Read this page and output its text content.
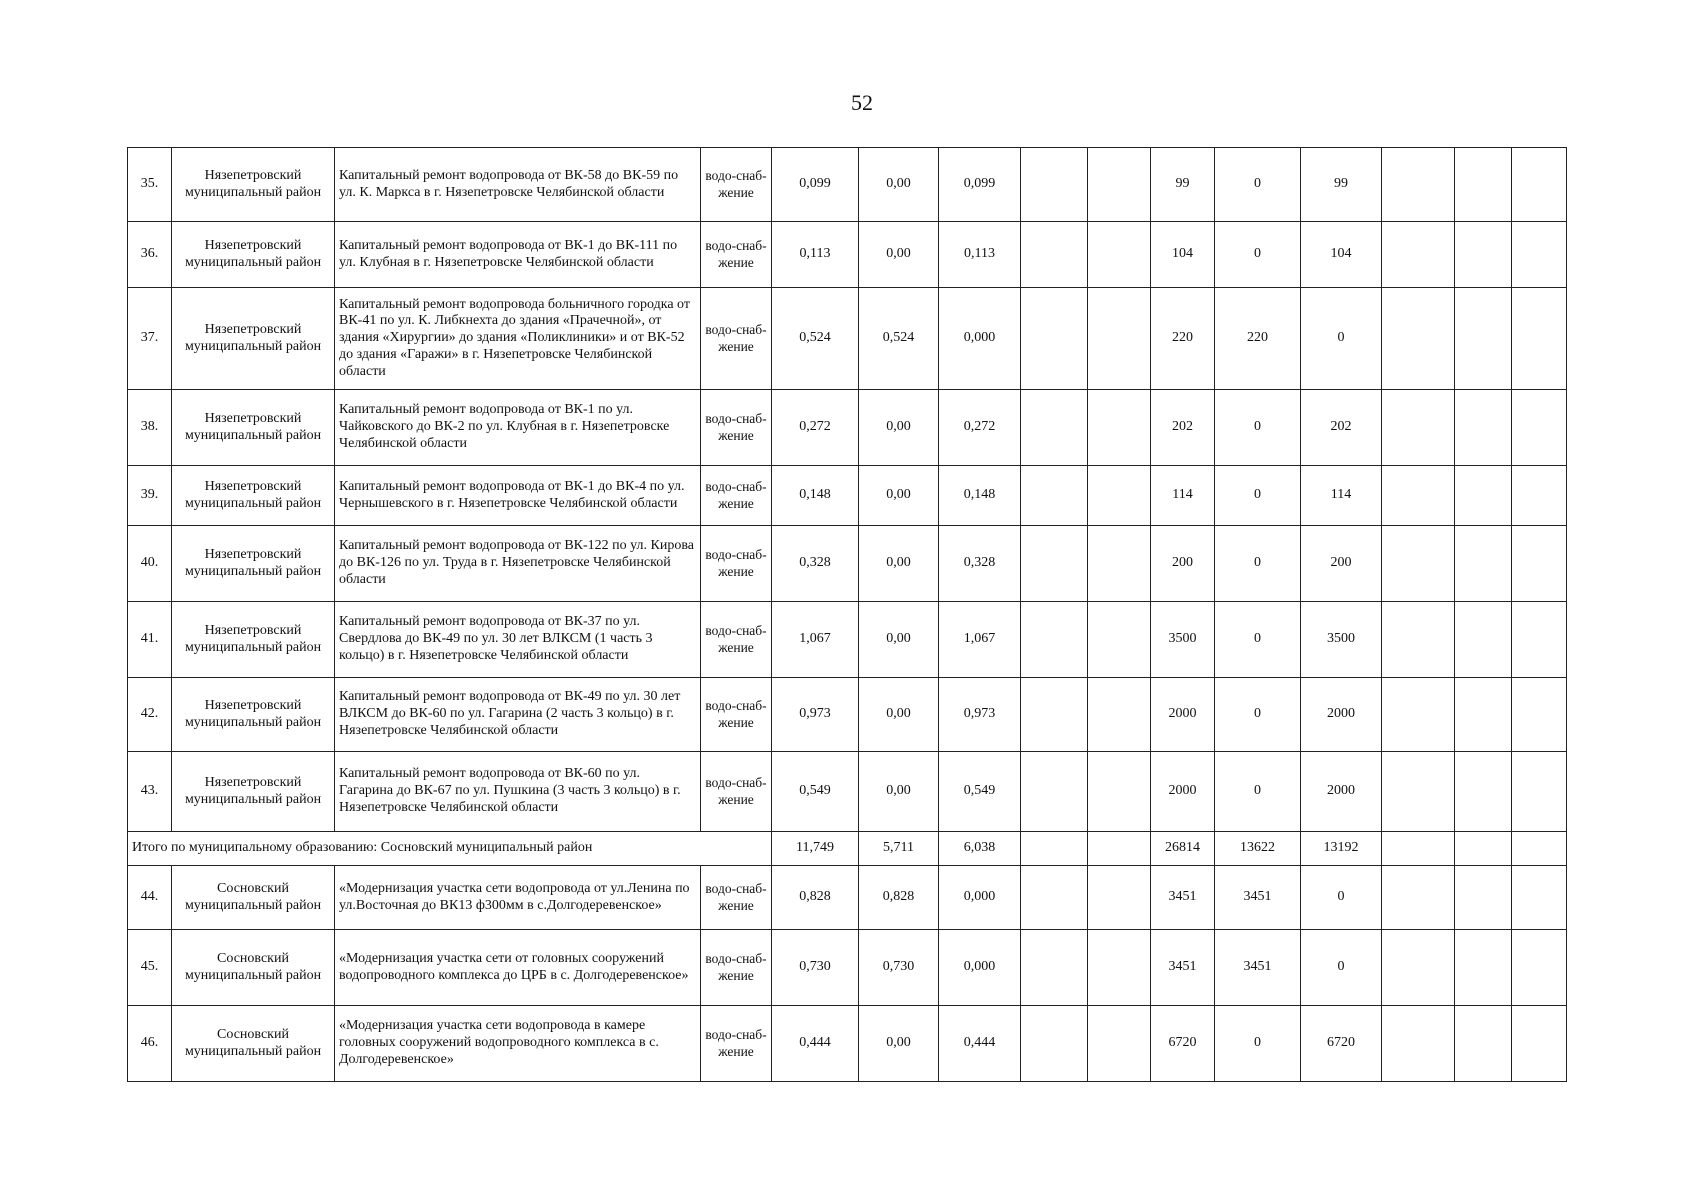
52
35.	Нязепетровский муниципальный район	Капитальный ремонт водопровода от ВК-58 до ВК-59 по ул. К. Маркса в г. Нязепетровске Челябинской области	водо-снаб-жение	0,099	0,00	0,099			99	0	99			
36.	Нязепетровский муниципальный район	Капитальный ремонт водопровода от ВК-1 до ВК-111 по ул. Клубная в г. Нязепетровске Челябинской области	водо-снаб-жение	0,113	0,00	0,113			104	0	104			
37.	Нязепетровский муниципальный район	Капитальный ремонт водопровода больничного городка от ВК-41 по ул. К. Либкнехта до здания «Прачечной», от здания «Хирургии» до здания «Поликлиники» и от ВК-52 до здания «Гаражи» в г. Нязепетровске Челябинской области	водо-снаб-жение	0,524	0,524	0,000			220	220	0			
38.	Нязепетровский муниципальный район	Капитальный ремонт водопровода от ВК-1 по ул. Чайковского до ВК-2 по ул. Клубная в г. Нязепетровске Челябинской области	водо-снаб-жение	0,272	0,00	0,272			202	0	202			
39.	Нязепетровский муниципальный район	Капитальный ремонт водопровода от ВК-1 до ВК-4 по ул. Чернышевского в г. Нязепетровске Челябинской области	водо-снаб-жение	0,148	0,00	0,148			114	0	114			
40.	Нязепетровский муниципальный район	Капитальный ремонт водопровода от ВК-122 по ул. Кирова до ВК-126 по ул. Труда в г. Нязепетровске Челябинской области	водо-снаб-жение	0,328	0,00	0,328			200	0	200			
41.	Нязепетровский муниципальный район	Капитальный ремонт водопровода от ВК-37 по ул. Свердлова до ВК-49 по ул. 30 лет ВЛКСМ (1 часть 3 кольцо) в г. Нязепетровске Челябинской области	водо-снаб-жение	1,067	0,00	1,067			3500	0	3500			
42.	Нязепетровский муниципальный район	Капитальный ремонт водопровода от ВК-49 по ул. 30 лет ВЛКСМ до ВК-60 по ул. Гагарина (2 часть 3 кольцо) в г. Нязепетровске Челябинской области	водо-снаб-жение	0,973	0,00	0,973			2000	0	2000			
43.	Нязепетровский муниципальный район	Капитальный ремонт водопровода от ВК-60 по ул. Гагарина до ВК-67 по ул. Пушкина (3 часть 3 кольцо) в г. Нязепетровске Челябинской области	водо-снаб-жение	0,549	0,00	0,549			2000	0	2000			
Итого по муниципальному образованию: Сосновский муниципальный район				11,749	5,711	6,038			26814	13622	13192			
44.	Сосновский муниципальный район	«Модернизация участка сети водопровода от ул.Ленина по ул.Восточная до ВК13 ф300мм в с.Долгодеревенское»	водо-снаб-жение	0,828	0,828	0,000			3451	3451	0			
45.	Сосновский муниципальный район	«Модернизация участка сети от головных сооружений водопроводного комплекса до ЦРБ в с. Долгодеревенское»	водо-снаб-жение	0,730	0,730	0,000			3451	3451	0			
46.	Сосновский муниципальный район	«Модернизация участка сети водопровода в камере головных сооружений водопроводного комплекса в с. Долгодеревенское»	водо-снаб-жение	0,444	0,00	0,444			6720	0	6720			
